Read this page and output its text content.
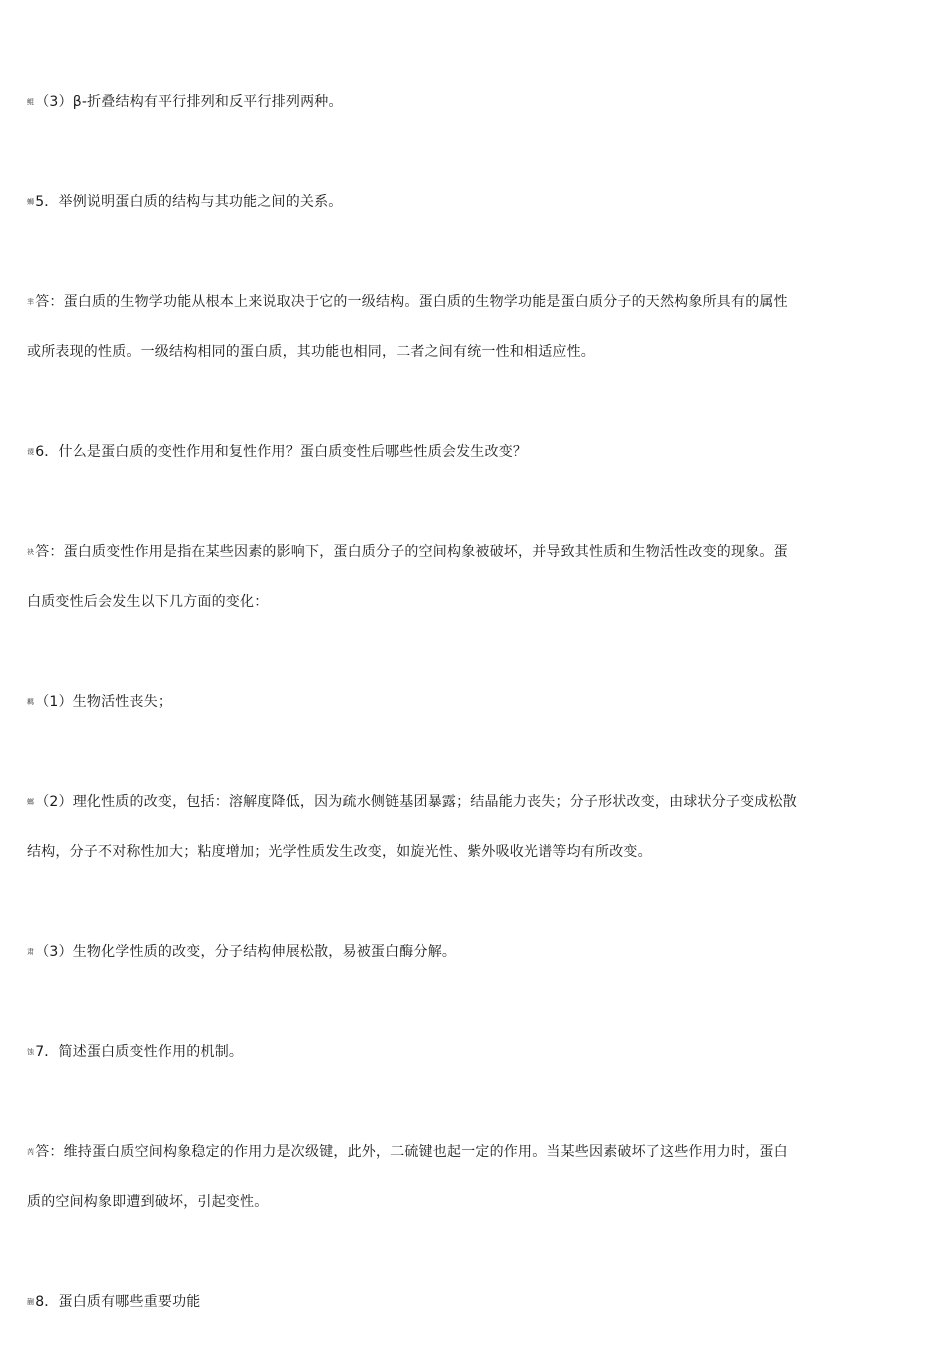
鲲（3）β-折叠结构有平行排列和反平行排列两种。
蛳5．举例说明蛋白质的结构与其功能之间的关系。
芈答：蛋白质的生物学功能从根本上来说取决于它的一级结构。蛋白质的生物学功能是蛋白质分子的天然构象所具有的属性
或所表现的性质。一级结构相同的蛋白质，其功能也相同，二者之间有统一性和相适应性。
谡6．什么是蛋白质的变性作用和复性作用？蛋白质变性后哪些性质会发生改变？
袂答：蛋白质变性作用是指在某些因素的影响下，蛋白质分子的空间构象被破坏，并导致其性质和生物活性改变的现象。蛋
白质变性后会发生以下几方面的变化：
羁（1）生物活性丧失；
螂（2）理化性质的改变，包括：溶解度降低，因为疏水侧链基团暴露；结晶能力丧失；分子形状改变，由球状分子变成松散
结构，分子不对称性加大；粘度增加；光学性质发生改变，如旋光性、紫外吸收光谱等均有所改变。
肃（3）生物化学性质的改变，分子结构伸展松散，易被蛋白酶分解。
蚀7．简述蛋白质变性作用的机制。
芮答：维持蛋白质空间构象稳定的作用力是次级键，此外，二硫键也起一定的作用。当某些因素破坏了这些作用力时，蛋白
质的空间构象即遭到破坏，引起变性。
蒯8．蛋白质有哪些重要功能
